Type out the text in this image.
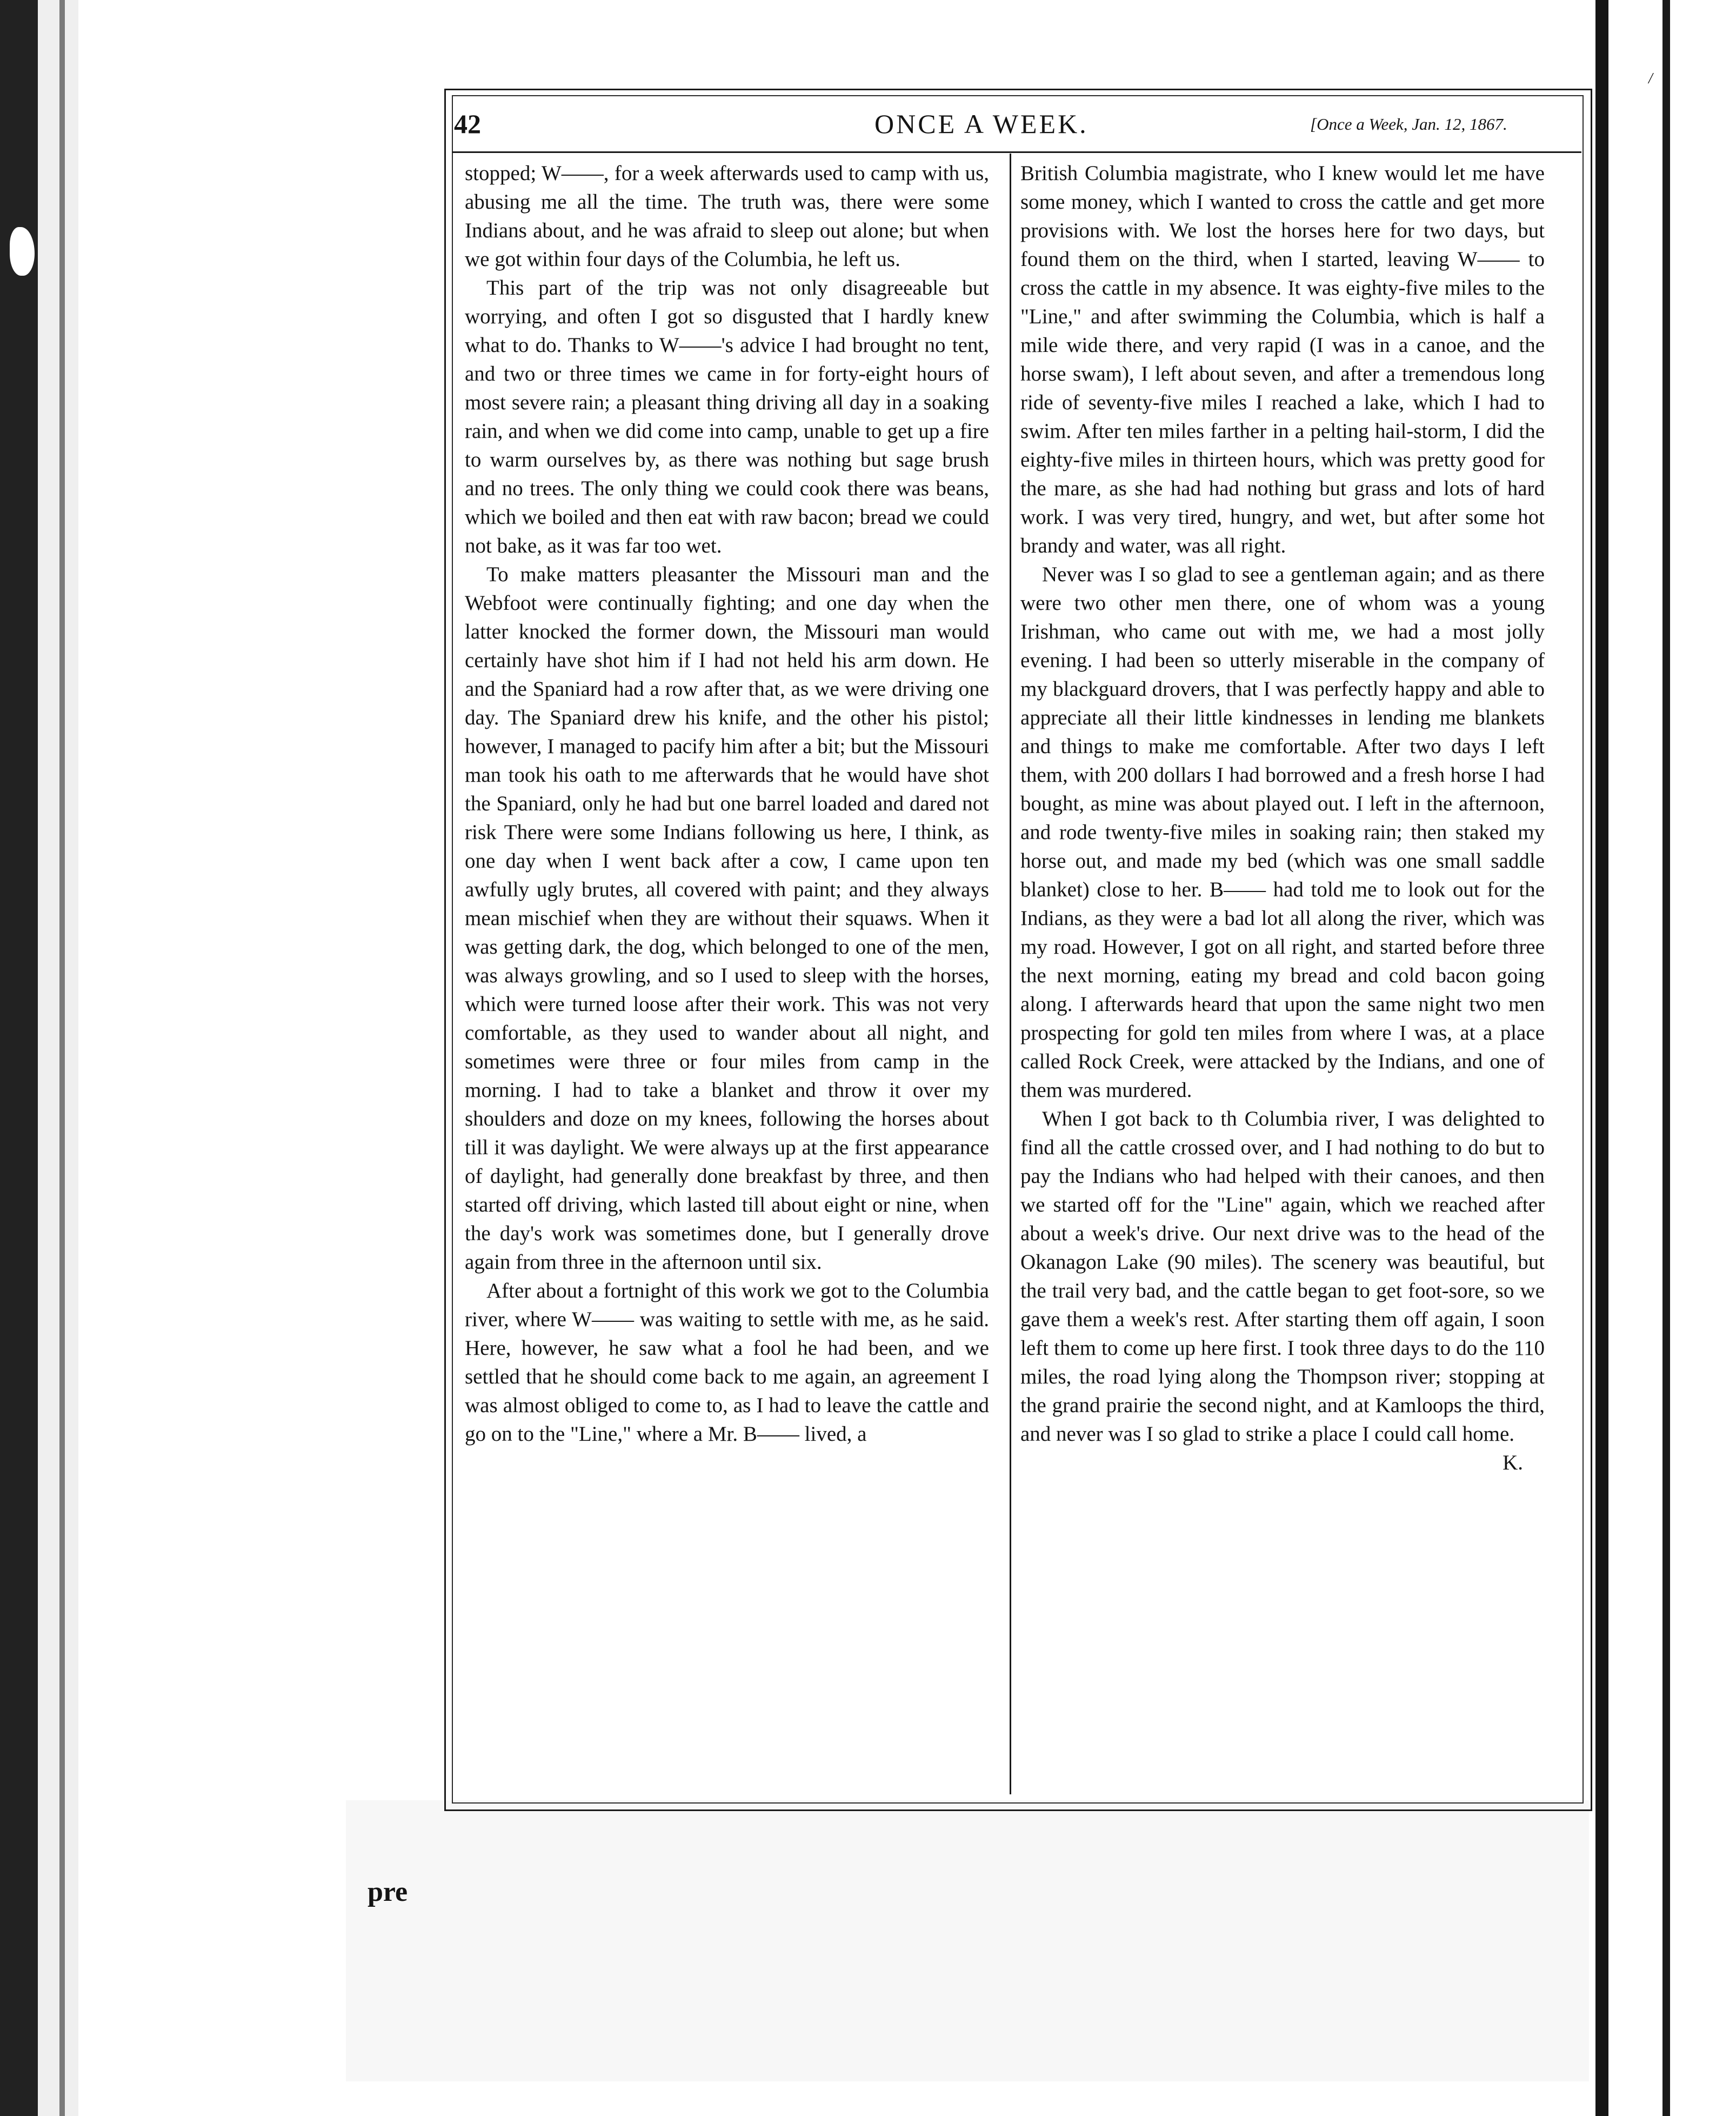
42	ONCE A WEEK.	[Once a Week, Jan. 12, 1867.

stopped; W——, for a week afterwards used to camp with us, abusing me all the time. The truth was, there were some Indians about, and he was afraid to sleep out alone; but when we got within four days of the Columbia, he left us.

This part of the trip was not only disagreeable but worrying, and often I got so disgusted that I hardly knew what to do. Thanks to W——'s advice I had brought no tent, and two or three times we came in for forty-eight hours of most severe rain; a pleasant thing driving all day in a soaking rain, and when we did come into camp, unable to get up a fire to warm ourselves by, as there was nothing but sage brush and no trees. The only thing we could cook there was beans, which we boiled and then eat with raw bacon; bread we could not bake, as it was far too wet.

To make matters pleasanter the Missouri man and the Webfoot were continually fighting; and one day when the latter knocked the former down, the Missouri man would certainly have shot him if I had not held his arm down. He and the Spaniard had a row after that, as we were driving one day. The Spaniard drew his knife, and the other his pistol; however, I managed to pacify him after a bit; but the Missouri man took his oath to me afterwards that he would have shot the Spaniard, only he had but one barrel loaded and dared not risk There were some Indians following us here, I think, as one day when I went back after a cow, I came upon ten awfully ugly brutes, all covered with paint; and they always mean mischief when they are without their squaws. When it was getting dark, the dog, which belonged to one of the men, was always growling, and so I used to sleep with the horses, which were turned loose after their work. This was not very comfortable, as they used to wander about all night, and sometimes were three or four miles from camp in the morning. I had to take a blanket and throw it over my shoulders and doze on my knees, following the horses about till it was daylight. We were always up at the first appearance of daylight, had generally done breakfast by three, and then started off driving, which lasted till about eight or nine, when the day's work was sometimes done, but I generally drove again from three in the afternoon until six.

After about a fortnight of this work we got to the Columbia river, where W—— was waiting to settle with me, as he said. Here, however, he saw what a fool he had been, and we settled that he should come back to me again, an agreement I was almost obliged to come to, as I had to leave the cattle and go on to the "Line," where a Mr. B—— lived, a

British Columbia magistrate, who I knew would let me have some money, which I wanted to cross the cattle and get more provisions with. We lost the horses here for two days, but found them on the third, when I started, leaving W—— to cross the cattle in my absence. It was eighty-five miles to the "Line," and after swimming the Columbia, which is half a mile wide there, and very rapid (I was in a canoe, and the horse swam), I left about seven, and after a tremendous long ride of seventy-five miles I reached a lake, which I had to swim. After ten miles farther in a pelting hail-storm, I did the eighty-five miles in thirteen hours, which was pretty good for the mare, as she had had nothing but grass and lots of hard work. I was very tired, hungry, and wet, but after some hot brandy and water, was all right.

Never was I so glad to see a gentleman again; and as there were two other men there, one of whom was a young Irishman, who came out with me, we had a most jolly evening. I had been so utterly miserable in the company of my blackguard drovers, that I was perfectly happy and able to appreciate all their little kindnesses in lending me blankets and things to make me comfortable. After two days I left them, with 200 dollars I had borrowed and a fresh horse I had bought, as mine was about played out. I left in the afternoon, and rode twenty-five miles in soaking rain; then staked my horse out, and made my bed (which was one small saddle blanket) close to her. B—— had told me to look out for the Indians, as they were a bad lot all along the river, which was my road. However, I got on all right, and started before three the next morning, eating my bread and cold bacon going along. I afterwards heard that upon the same night two men prospecting for gold ten miles from where I was, at a place called Rock Creek, were attacked by the Indians, and one of them was murdered.

When I got back to th Columbia river, I was delighted to find all the cattle crossed over, and I had nothing to do but to pay the Indians who had helped with their canoes, and then we started off for the "Line" again, which we reached after about a week's drive. Our next drive was to the head of the Okanagon Lake (90 miles). The scenery was beautiful, but the trail very bad, and the cattle began to get foot-sore, so we gave them a week's rest. After starting them off again, I soon left them to come up here first. I took three days to do the 110 miles, the road lying along the Thompson river; stopping at the grand prairie the second night, and at Kamloops the third, and never was I so glad to strike a place I could call home.

K.
/
pre
